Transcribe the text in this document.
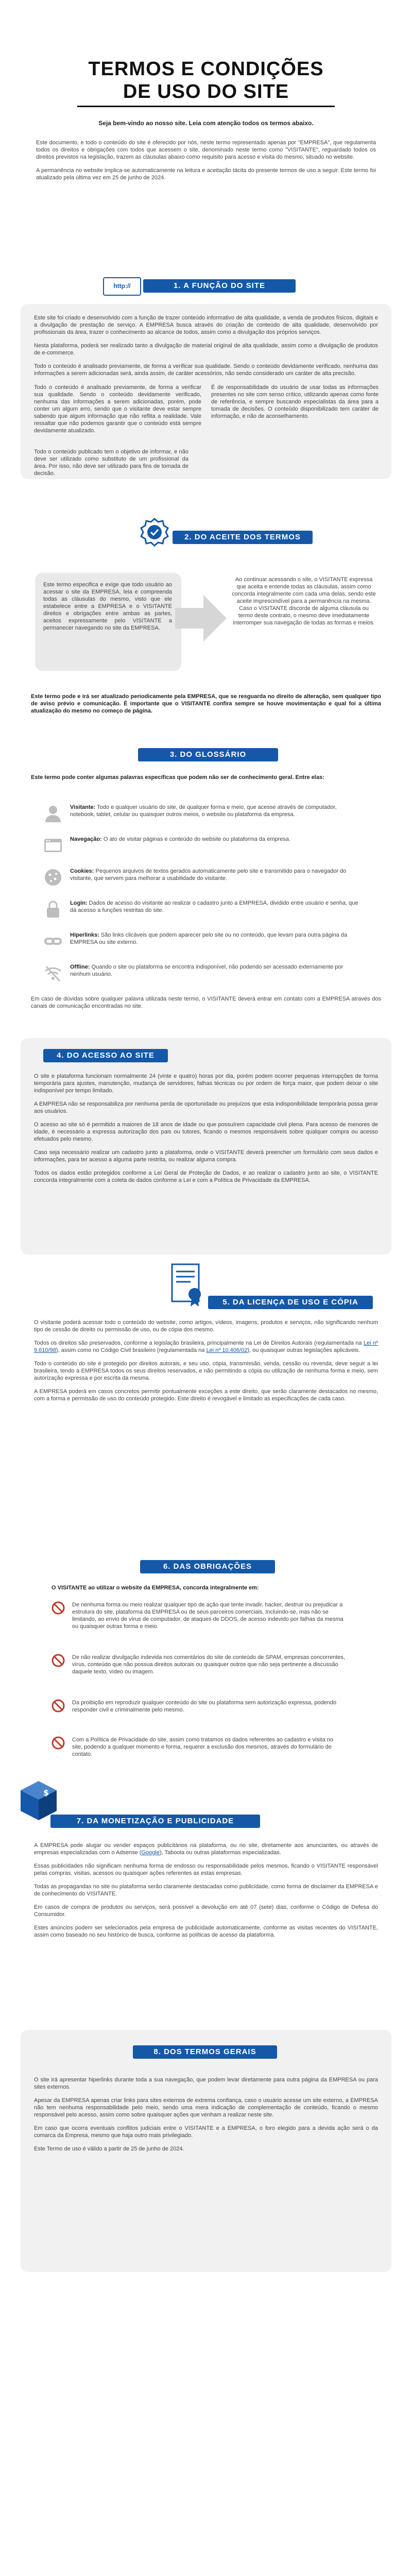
TERMOS E CONDIÇÕES DE USO DO SITE
Seja bem-vindo ao nosso site. Leia com atenção todos os termos abaixo.

Este documento, e todo o conteúdo do site é oferecido por nós, neste termo representado apenas por "EMPRESA", que regulamenta todos os direitos e obrigações com todos que acessem o site, denominado neste termo como "VISITANTE", reguardado todos os direitos previstos na legislação, trazem as cláusulas abaixo como requisito para acesso e visita do mesmo, situado no website.

A permanência no website implica-se automaticamente na leitura e aceitação tácita do presente termos de uso a seguir. Este termo foi atualizado pela última vez em 25 de junho de 2024.

http://	1. A FUNÇÃO DO SITE

Este site foi criado e desenvolvido com a função de trazer conteúdo informativo de alta qualidade, a venda de produtos físicos, digitais e a divulgação de prestação de serviço. A EMPRESA busca através do criação de conteúdo de alta qualidade, desenvolvido por profissionais da área, trazer o conhecimento ao alcance de todos, assim como a divulgação dos próprios serviços.

Nesta plataforma, poderá ser realizado tanto a divulgação de material original de alta qualidade, assim como a divulgação de produtos de e-commerce.

Todo o conteúdo é analisado previamente, de forma a verificar sua qualidade. Sendo o conteúdo devidamente verificado, nenhuma das informações a serem adicionadas será, ainda assim, de caráter acessórios, não sendo considerado um caráter de alta precisão.

Todo o conteúdo é analisado previamente, de forma a verificar sua qualidade. Sendo o conteúdo devidamente verificado, nenhuma das informações a serem adicionadas, porém, pode conter um algum erro, sendo que o visitante deve estar sempre sabendo que algum informação que não reflita a realidade. Vale ressaltar que não podemos garantir que o conteúdo está sempre devidamente atualizado.
É de responsabilidade do usuário de usar todas as informações presentes no site com senso crítico, utilizando apenas como fonte de referência, e sempre buscando especialistas da área para a tomada de decisões. O conteúdo disponibilizado tem caráter de informação, e não de aconselhamento.
Todo o conteúdo publicado tem o objetivo de informar, e não deve ser utilizado como substituto de um profissional da área. Por isso, não deve ser utilizado para fins de tomada de decisão.
2. DO ACEITE DOS TERMOS
Este termo especifica e exige que todo usuário ao acessar o site da EMPRESA, leia e compreenda todas as cláusulas do mesmo, visto que ele estabelece entre a EMPRESA e o VISITANTE direitos e obrigações entre ambas as partes, aceitos expressamente pelo VISITANTE a permanecer navegando no site da EMPRESA.
Ao continuar acessando o site, o VISITANTE expressa que aceita e entende todas as cláusulas, assim como concorda integralmente com cada uma delas, sendo este aceite imprescindível para a permanência na mesma. Caso o VISITANTE discorde de alguma cláusula ou termo deste contrato, o mesmo deve imediatamente interromper sua navegação de todas as formas e meios.
Este termo pode e irá ser atualizado periodicamente pela EMPRESA, que se resguarda no direito de alteração, sem qualquer tipo de aviso prévio e comunicação. É importante que o VISITANTE confira sempre se houve movimentação e qual foi a última atualização do mesmo no começo de página.
3. DO GLOSSÁRIO
Este termo pode conter algumas palavras específicas que podem não ser de conhecimento geral. Entre elas:
Visitante: Todo e qualquer usuário do site, de qualquer forma e meio, que acesse através de computador, notebook, tablet, celular ou quaisquer outros meios, o website ou plataforma da empresa.
Navegação: O ato de visitar páginas e conteúdo do website ou plataforma da empresa.
Cookies: Pequenos arquivos de textos gerados automaticamente pelo site e transmitido para o navegador do visitante, que servem para melhorar a usabilidade do visitante.
Login: Dados de acesso do visitante ao realizar o cadastro junto a EMPRESA, dividido entre usuário e senha, que dá acesso a funções restritas do site.
Hiperlinks: São links clicáveis que podem aparecer pelo site ou no conteúdo, que levam para outra página da EMPRESA ou site externo.
Offline: Quando o site ou plataforma se encontra indisponível, não podendo ser acessado externamente por nenhum usuário.
Em caso de dúvidas sobre qualquer palavra utilizada neste termo, o VISITANTE deverá entrar em contato com a EMPRESA através dos canais de comunicação encontradas no site.
4. DO ACESSO AO SITE

O site e plataforma funcionam normalmente 24 (vinte e quatro) horas por dia, porém podem ocorrer pequenas interrupções de forma temporária para ajustes, manutenção, mudança de servidores, falhas técnicas ou por ordem de força maior, que podem deixar o site indisponível por tempo limitado.

A EMPRESA não se responsabiliza por nenhuma perda de oportunidade ou prejuízos que esta indisponibilidade temporária possa gerar aos usuários.

O acesso ao site só é permitido a maiores de 18 anos de idade ou que possuírem capacidade civil plena. Para acesso de menores de idade, é necessário a expressa autorização dos pais ou tutores, ficando o mesmos responsáveis sobre qualquer compra ou acesso efetuados pelo mesmo.

Caso seja necessário realizar um cadastro junto a plataforma, onde o VISITANTE deverá preencher um formulário com seus dados e informações, para ter acesso a alguma parte restrita, ou realizar alguma compra.

Todos os dados estão protegidos conforme a Lei Geral de Proteção de Dados, e ao realizar o cadastro junto ao site, o VISITANTE concorda integralmente com a coleta de dados conforme a Lei e com a Política de Privacidade da EMPRESA.

5. DA LICENÇA DE USO E CÓPIA

O visitante poderá acessar todo o conteúdo do website, como artigos, vídeos, imagens, produtos e serviços, não significando nenhum tipo de cessão de direito ou permissão de uso, ou de cópia dos mesmo.

Todos os direitos são preservados, conforme a legislação brasileira, principalmente na Lei de Direitos Autorais (regulamentada na Lei nº 9.610/98), assim como no Código Civil brasileiro (regulamentada na Lei nº 10.406/02), ou quaisquer outras legislações aplicáveis.

Todo o conteúdo do site é protegido por direitos autorais, e seu uso, cópia, transmissão, venda, cessão ou revenda, deve seguir a lei brasileira, tendo a EMPRESA todos os seus direitos reservados, e não permitindo a cópia ou utilização de nenhuma forma e meio, sem autorização expressa e por escrita da mesma.

A EMPRESA poderá em casos concretos permitir pontualmente exceções a este direito, que serão claramente destacados no mesmo, com a forma e permissão de uso do conteúdo protegido. Este direito é revogável e limitado as especificações de cada caso.

6. DAS OBRIGAÇÕES
O VISITANTE ao utilizar o website da EMPRESA, concorda integralmente em:
De nenhuma forma ou meio realizar qualquer tipo de ação que tente invadir, hacker, destruir ou prejudicar a estrutura do site, plataforma da EMPRESA ou de seus parceiros comerciais. Incluindo-se, mas não se limitando, ao envio de vírus de computador, de ataques de DDOS, de acesso indevido por falhas da mesma ou quaisquer outras forma e meio.
De não realizar divulgação indevida nos comentários do site de conteúdo de SPAM, empresas concorrentes, vírus, conteúdo que não possua direitos autorais ou quaisquer outros que não seja pertinente a discussão daquele texto, vídeo ou imagem.
Da proibição em reproduzir qualquer conteúdo do site ou plataforma sem autorização expressa, podendo responder civil e criminalmente pelo mesmo.
Com a Política de Privacidade do site, assim como tratamos os dados referentes ao cadastro e visita no site, podendo a qualquer momento e forma, requerer a exclusão dos mesmos, através do formulário de contato.
$
7. DA MONETIZAÇÃO E PUBLICIDADE

A EMPRESA pode alugar ou vender espaços publicitários na plataforma, ou no site, diretamente aos anunciantes, ou através de empresas especializadas com o Adsense (Google), Taboola ou outras plataformas especializadas.

Essas publicidades não significam nenhuma forma de endosso ou responsabilidade pelos mesmos, ficando o VISITANTE responsável pelas compras, visitas, acessos ou quaisquer ações referentes as estas empresas.

Todas as propagandas no site ou plataforma serão claramente destacadas como publicidade, como forma de disclaimer da EMPRESA e de conhecimento do VISITANTE.

Em casos de compra de produtos ou serviços, será possível a devolução em até 07 (sete) dias, conforme o Código de Defesa do Consumidor.

Estes anúncios podem ser selecionados pela empresa de publicidade automaticamente, conforme as visitas recentes do VISITANTE, assim como baseado no seu histórico de busca, conforme as políticas de acesso da plataforma.

8. DOS TERMOS GERAIS

O site irá apresentar hiperlinks durante toda a sua navegação, que podem levar diretamente para outra página da EMPRESA ou para sites externos.

Apesar da EMPRESA apenas criar links para sites externos de extrema confiança, caso o usuário acesse um site externo, a EMPRESA não tem nenhuma responsabilidade pelo meio, sendo uma mera indicação de complementação de conteúdo, ficando o mesmo responsável pelo acesso, assim como sobre quaisquer ações que venham a realizar neste site.

Em caso que ocorra eventuais conflitos judiciais entre o VISITANTE e a EMPRESA, o foro elegido para a devida ação será o da comarca da Empresa, mesmo que haja outro mais privilegiado.

Este Termo de uso é válido a partir de 25 de junho de 2024.
